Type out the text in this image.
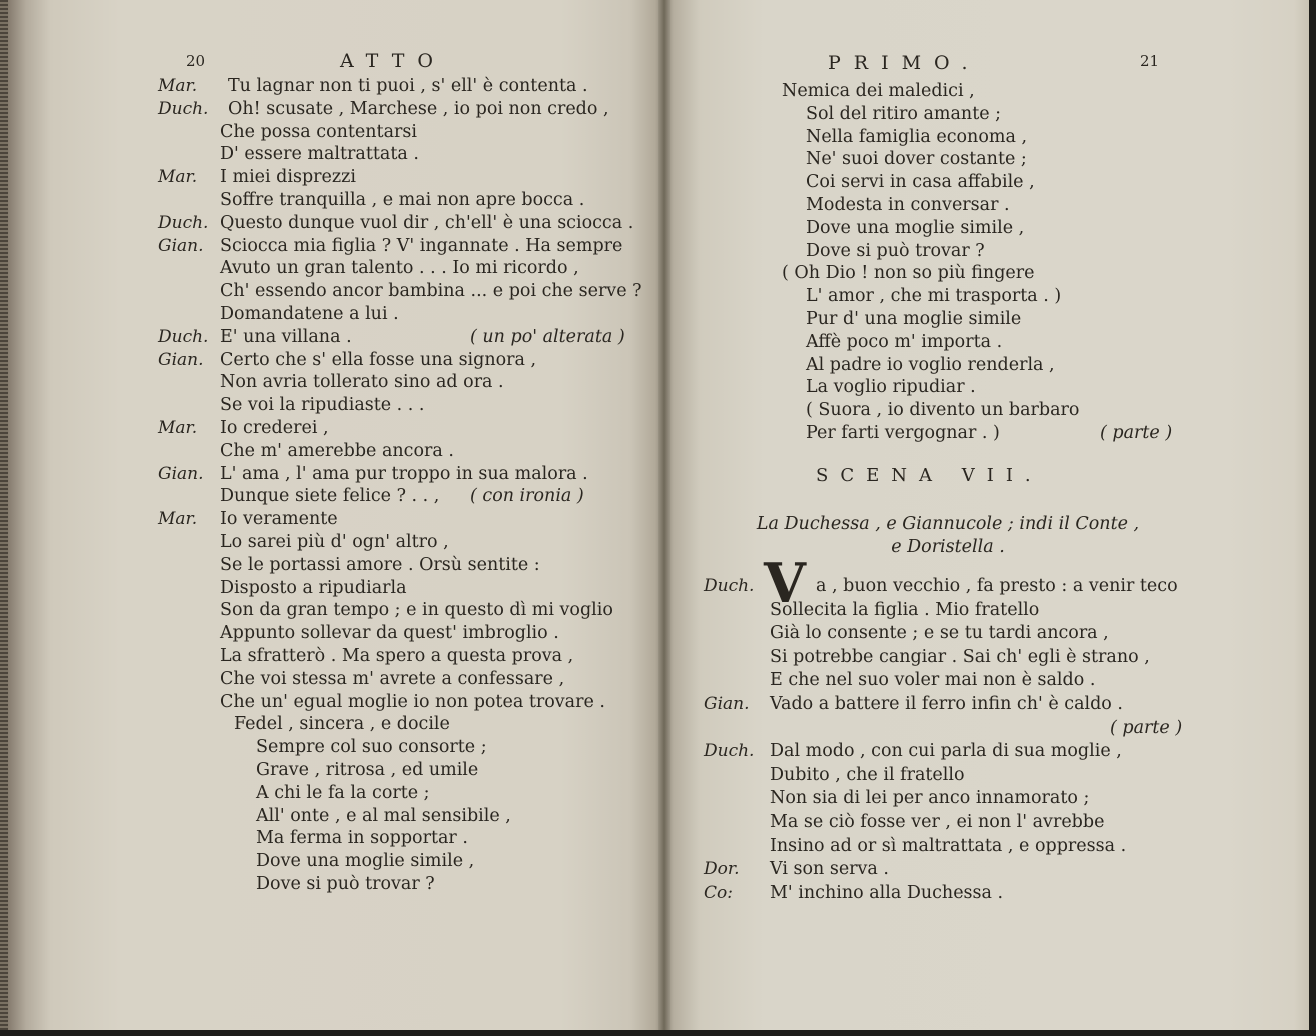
20	ATTO
Mar. Tu lagnar non ti puoi , s' ell' è contenta .
Duch. Oh! scusate , Marchese , io poi non credo ,
Che possa contentarsi
D' essere maltrattata .
Mar. I miei disprezzi
Soffre tranquilla , e mai non apre bocca .
Duch. Questo dunque vuol dir , ch'ell' è una sciocca .
Gian. Sciocca mia figlia ? V' ingannate . Ha sempre
Avuto un gran talento . . . Io mi ricordo ,
Ch' essendo ancor bambina ... e poi che serve ?
Domandatene a lui .
Duch. E' una villana .	( un po' alterata )
Gian. Certo che s' ella fosse una signora ,
Non avria tollerato sino ad ora .
Se voi la ripudiaste . . .
Mar. Io crederei ,
Che m' amerebbe ancora .
Gian. L' ama , l' ama pur troppo in sua malora .
Dunque siete felice ? . . , ( con ironia )
Mar. Io veramente
Lo sarei più d' ogn' altro ,
Se le portassi amore . Orsù sentite :
Disposto a ripudiarla
Son da gran tempo ; e in questo dì mi voglio
Appunto sollevar da quest' imbroglio .
La sfratterò . Ma spero a questa prova ,
Che voi stessa m' avrete a confessare ,
Che un' egual moglie io non potea trovare .
Fedel , sincera , e docile
Sempre col suo consorte ;
Grave , ritrosa , ed umile
A chi le fa la corte ;
All' onte , e al mal sensibile ,
Ma ferma in sopportar .
Dove una moglie simile ,
Dove si può trovar ?
21
PRIMO.
Nemica dei maledici ,
Sol del ritiro amante ;
Nella famiglia economa ,
Ne' suoi dover costante ;
Coi servi in casa affabile ,
Modesta in conversar .
Dove una moglie simile ,
Dove si può trovar ?
( Oh Dio ! non so più fingere
L' amor , che mi trasporta . )
Pur d' una moglie simile
Affè poco m' importa .
Al padre io voglio renderla ,
La voglio ripudiar .
( Suora , io divento un barbaro
Per farti vergognar . )	( parte )
SCENA VII.
La Duchessa , e Giannucole ; indi il Conte ,
e Doristella .
V
Duch.	a , buon vecchio , fa presto : a venir teco
Sollecita la figlia . Mio fratello
Già lo consente ; e se tu tardi ancora ,
Si potrebbe cangiar . Sai ch' egli è strano ,
E che nel suo voler mai non è saldo .
Gian. Vado a battere il ferro infin ch' è caldo .
( parte )
Duch. Dal modo , con cui parla di sua moglie ,
Dubito , che il fratello
Non sia di lei per anco innamorato ;
Ma se ciò fosse ver , ei non l' avrebbe
Insino ad or sì maltrattata , e oppressa .
Dor. Vi son serva .
Co: M' inchino alla Duchessa .
